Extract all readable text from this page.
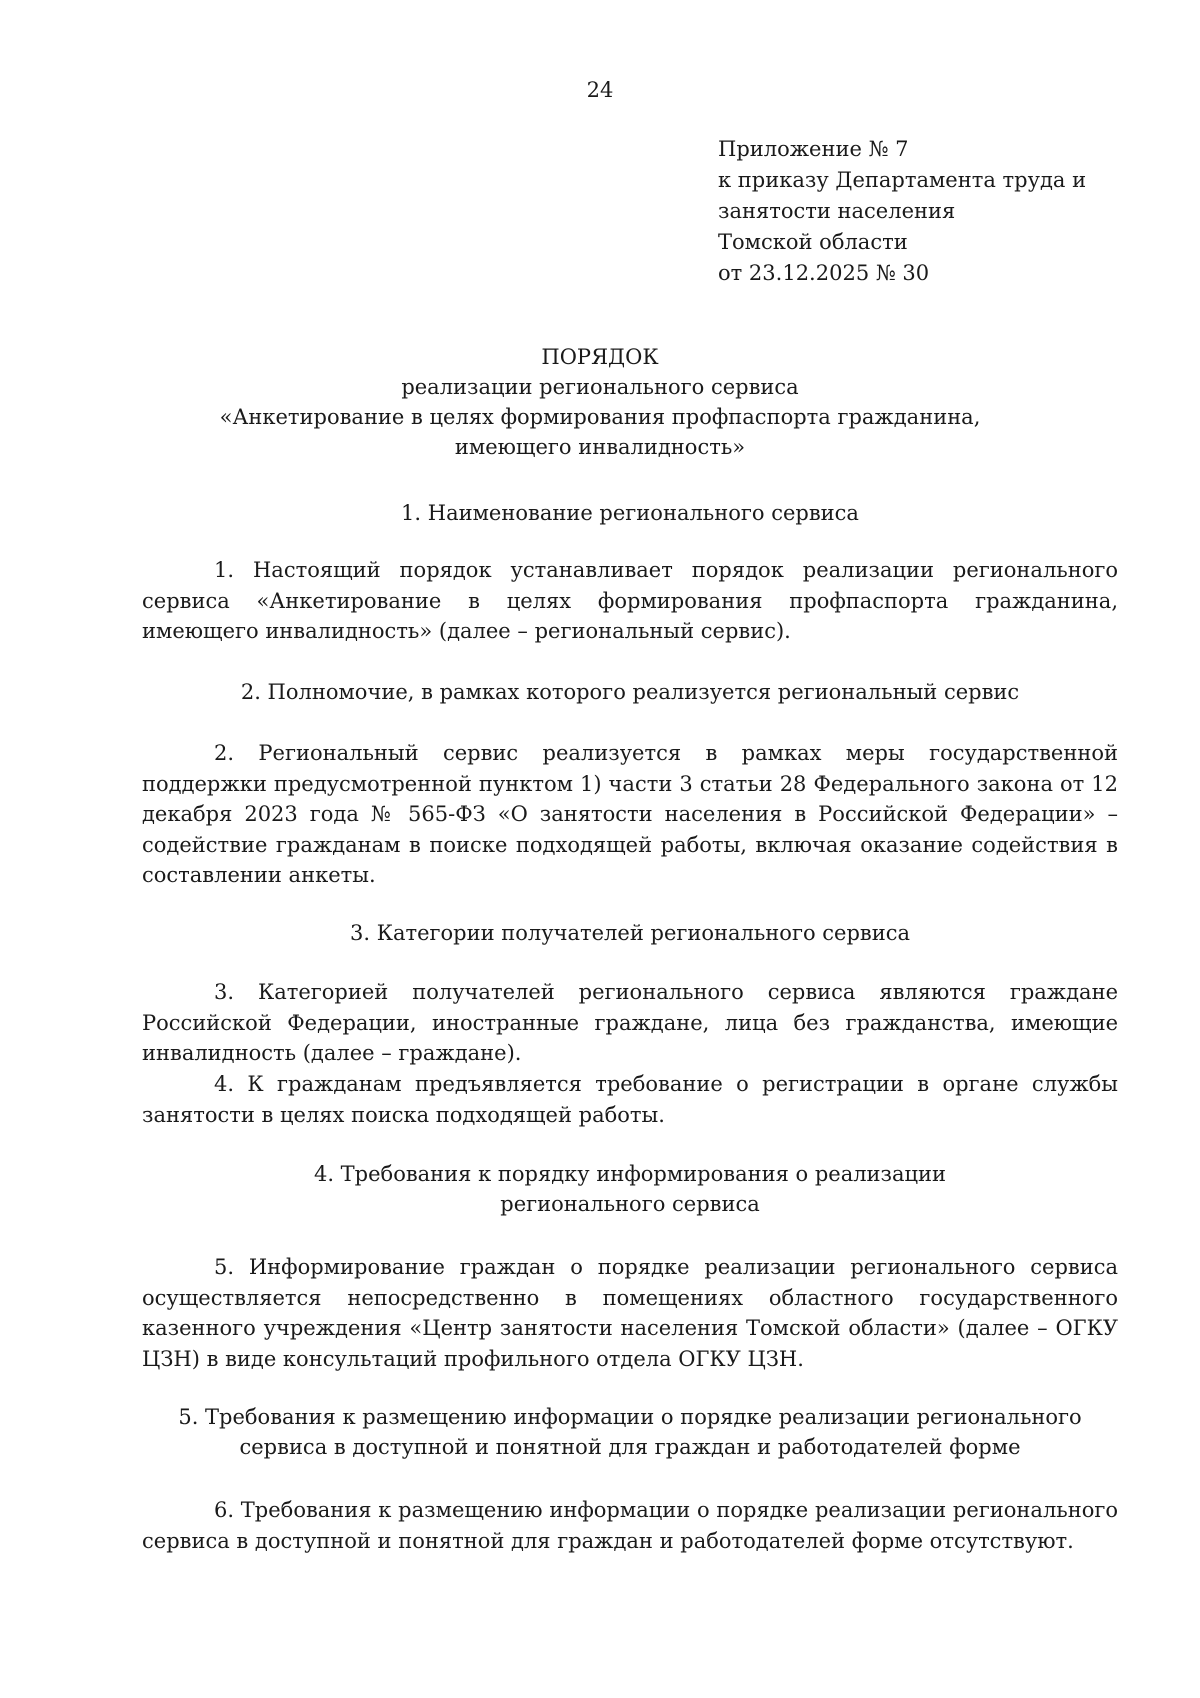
24
Приложение № 7
к приказу Департамента труда и
занятости населения
Томской области
от 23.12.2025 № 30
ПОРЯДОК
реализации регионального сервиса
«Анкетирование в целях формирования профпаспорта гражданина,
имеющего инвалидность»
1. Наименование регионального сервиса
1. Настоящий порядок устанавливает порядок реализации регионального сервиса «Анкетирование в целях формирования профпаспорта гражданина, имеющего инвалидность» (далее – региональный сервис).
2. Полномочие, в рамках которого реализуется региональный сервис
2. Региональный сервис реализуется в рамках меры государственной поддержки предусмотренной пунктом 1) части 3 статьи 28 Федерального закона от 12 декабря 2023 года № 565-ФЗ «О занятости населения в Российской Федерации» – содействие гражданам в поиске подходящей работы, включая оказание содействия в составлении анкеты.
3. Категории получателей регионального сервиса
3. Категорией получателей регионального сервиса являются граждане Российской Федерации, иностранные граждане, лица без гражданства, имеющие инвалидность (далее – граждане).
4. К гражданам предъявляется требование о регистрации в органе службы занятости в целях поиска подходящей работы.
4. Требования к порядку информирования о реализации
регионального сервиса
5. Информирование граждан о порядке реализации регионального сервиса осуществляется непосредственно в помещениях областного государственного казенного учреждения «Центр занятости населения Томской области» (далее – ОГКУ ЦЗН) в виде консультаций профильного отдела ОГКУ ЦЗН.
5. Требования к размещению информации о порядке реализации регионального
сервиса в доступной и понятной для граждан и работодателей форме
6. Требования к размещению информации о порядке реализации регионального сервиса в доступной и понятной для граждан и работодателей форме отсутствуют.
